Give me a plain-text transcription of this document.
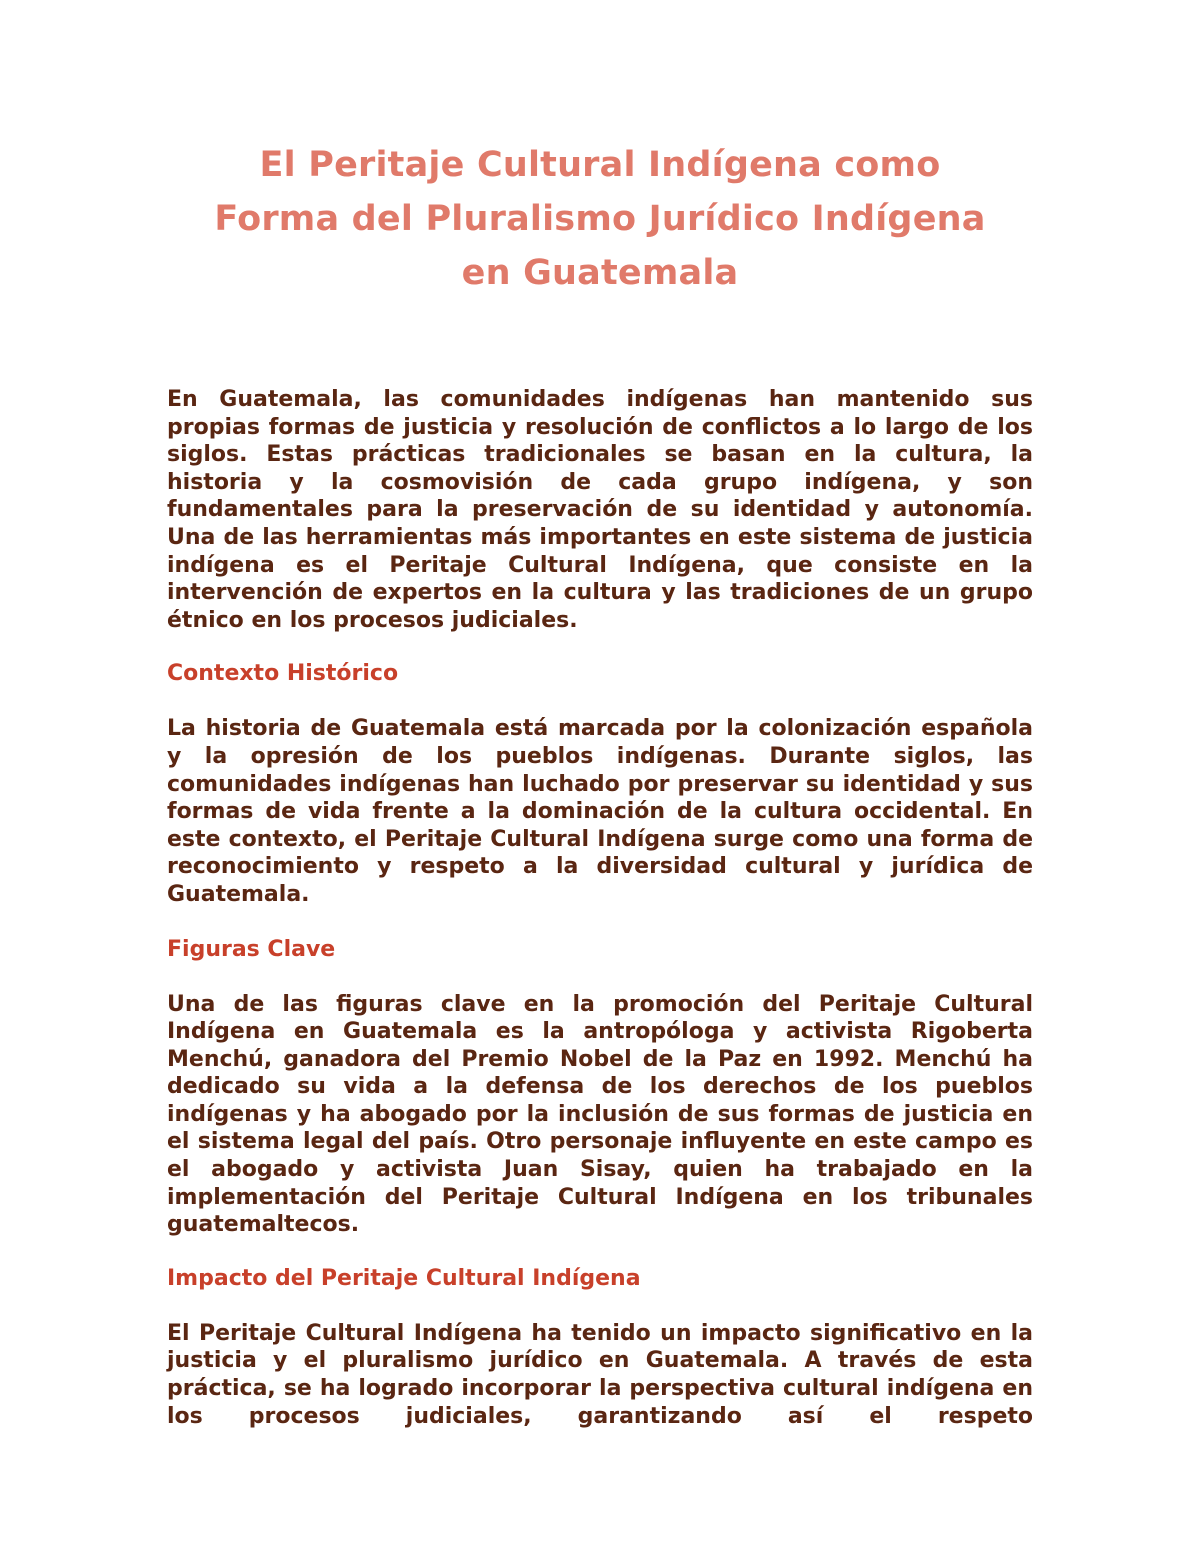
El Peritaje Cultural Indígena como
Forma del Pluralismo Jurídico Indígena
en Guatemala

En Guatemala, las comunidades indígenas han mantenido sus propias formas de justicia y resolución de conflictos a lo largo de los siglos. Estas prácticas tradicionales se basan en la cultura, la historia y la cosmovisión de cada grupo indígena, y son fundamentales para la preservación de su identidad y autonomía. Una de las herramientas más importantes en este sistema de justicia indígena es el Peritaje Cultural Indígena, que consiste en la intervención de expertos en la cultura y las tradiciones de un grupo étnico en los procesos judiciales.

Contexto Histórico

La historia de Guatemala está marcada por la colonización española y la opresión de los pueblos indígenas. Durante siglos, las comunidades indígenas han luchado por preservar su identidad y sus formas de vida frente a la dominación de la cultura occidental. En este contexto, el Peritaje Cultural Indígena surge como una forma de reconocimiento y respeto a la diversidad cultural y jurídica de Guatemala.

Figuras Clave

Una de las figuras clave en la promoción del Peritaje Cultural Indígena en Guatemala es la antropóloga y activista Rigoberta Menchú, ganadora del Premio Nobel de la Paz en 1992. Menchú ha dedicado su vida a la defensa de los derechos de los pueblos indígenas y ha abogado por la inclusión de sus formas de justicia en el sistema legal del país. Otro personaje influyente en este campo es el abogado y activista Juan Sisay, quien ha trabajado en la implementación del Peritaje Cultural Indígena en los tribunales guatemaltecos.

Impacto del Peritaje Cultural Indígena

El Peritaje Cultural Indígena ha tenido un impacto significativo en la justicia y el pluralismo jurídico en Guatemala. A través de esta práctica, se ha logrado incorporar la perspectiva cultural indígena en los procesos judiciales, garantizando así el respeto
